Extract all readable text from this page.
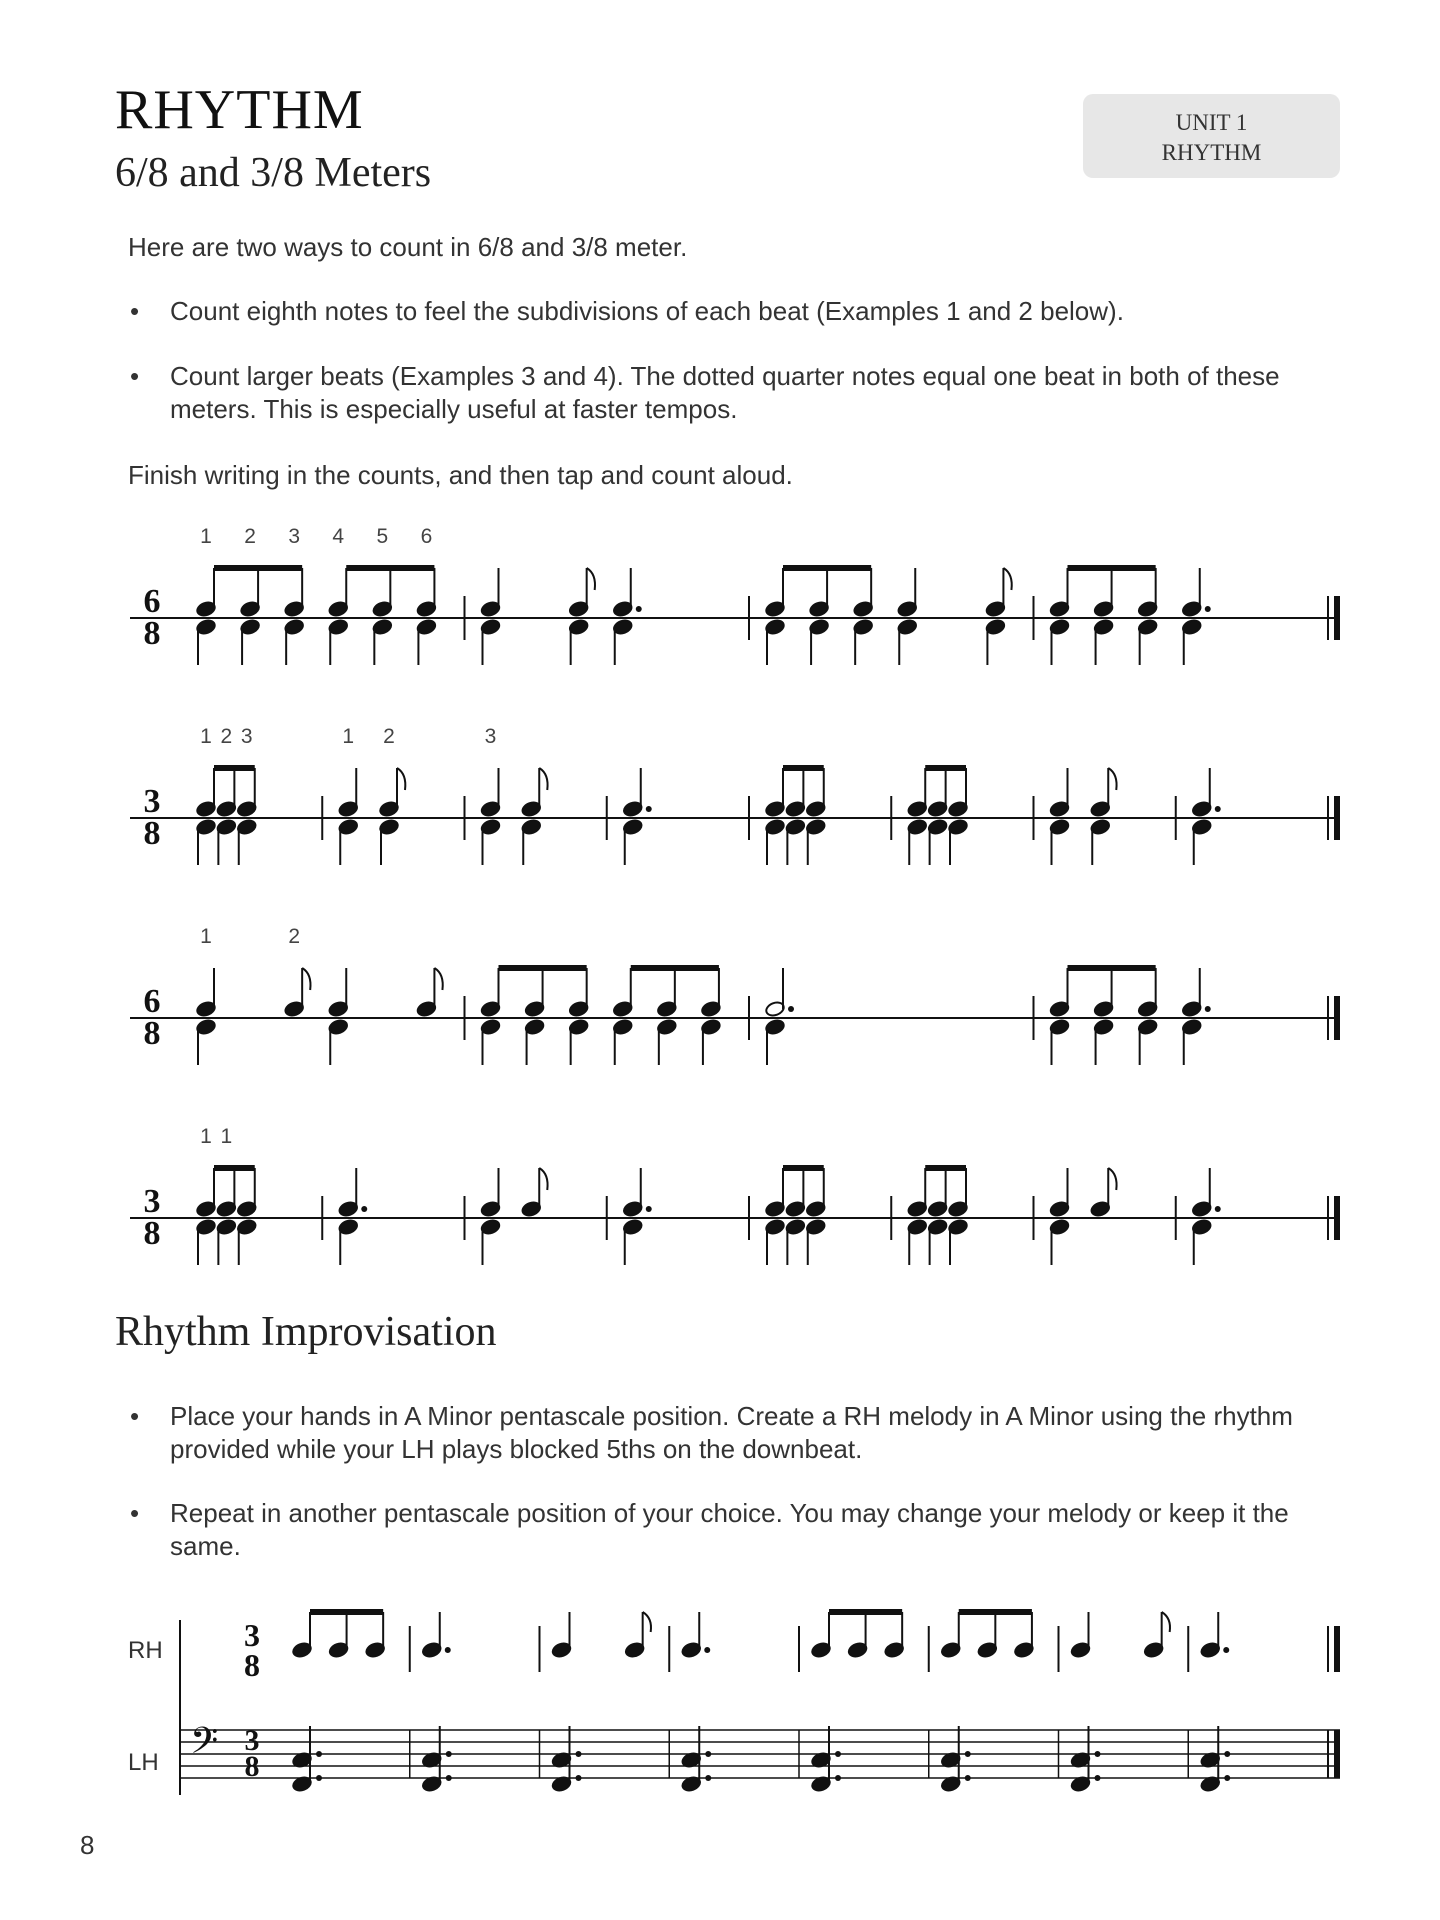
RHYTHM
6/8 and 3/8 Meters
UNIT 1
RHYTHM
Here are two ways to count in 6/8 and 3/8 meter.
•	Count eighth notes to feel the subdivisions of each beat (Examples 1 and 2 below).
•	Count larger beats (Examples 3 and 4). The dotted quarter notes equal one beat in both of these meters. This is especially useful at faster tempos.
Finish writing in the counts, and then tap and count aloud.
6
8
1 2 3 4 5 6
3
8
1 2 3	1 2	3
6
8
1	2
3
8
1 1
Rhythm Improvisation
•	Place your hands in A Minor pentascale position. Create a RH melody in A Minor using the rhythm provided while your LH plays blocked 5ths on the downbeat.
•	Repeat in another pentascale position of your choice. You may change your melody or keep it the same.
RH
LH
3
8
𝄢 3
8
8
